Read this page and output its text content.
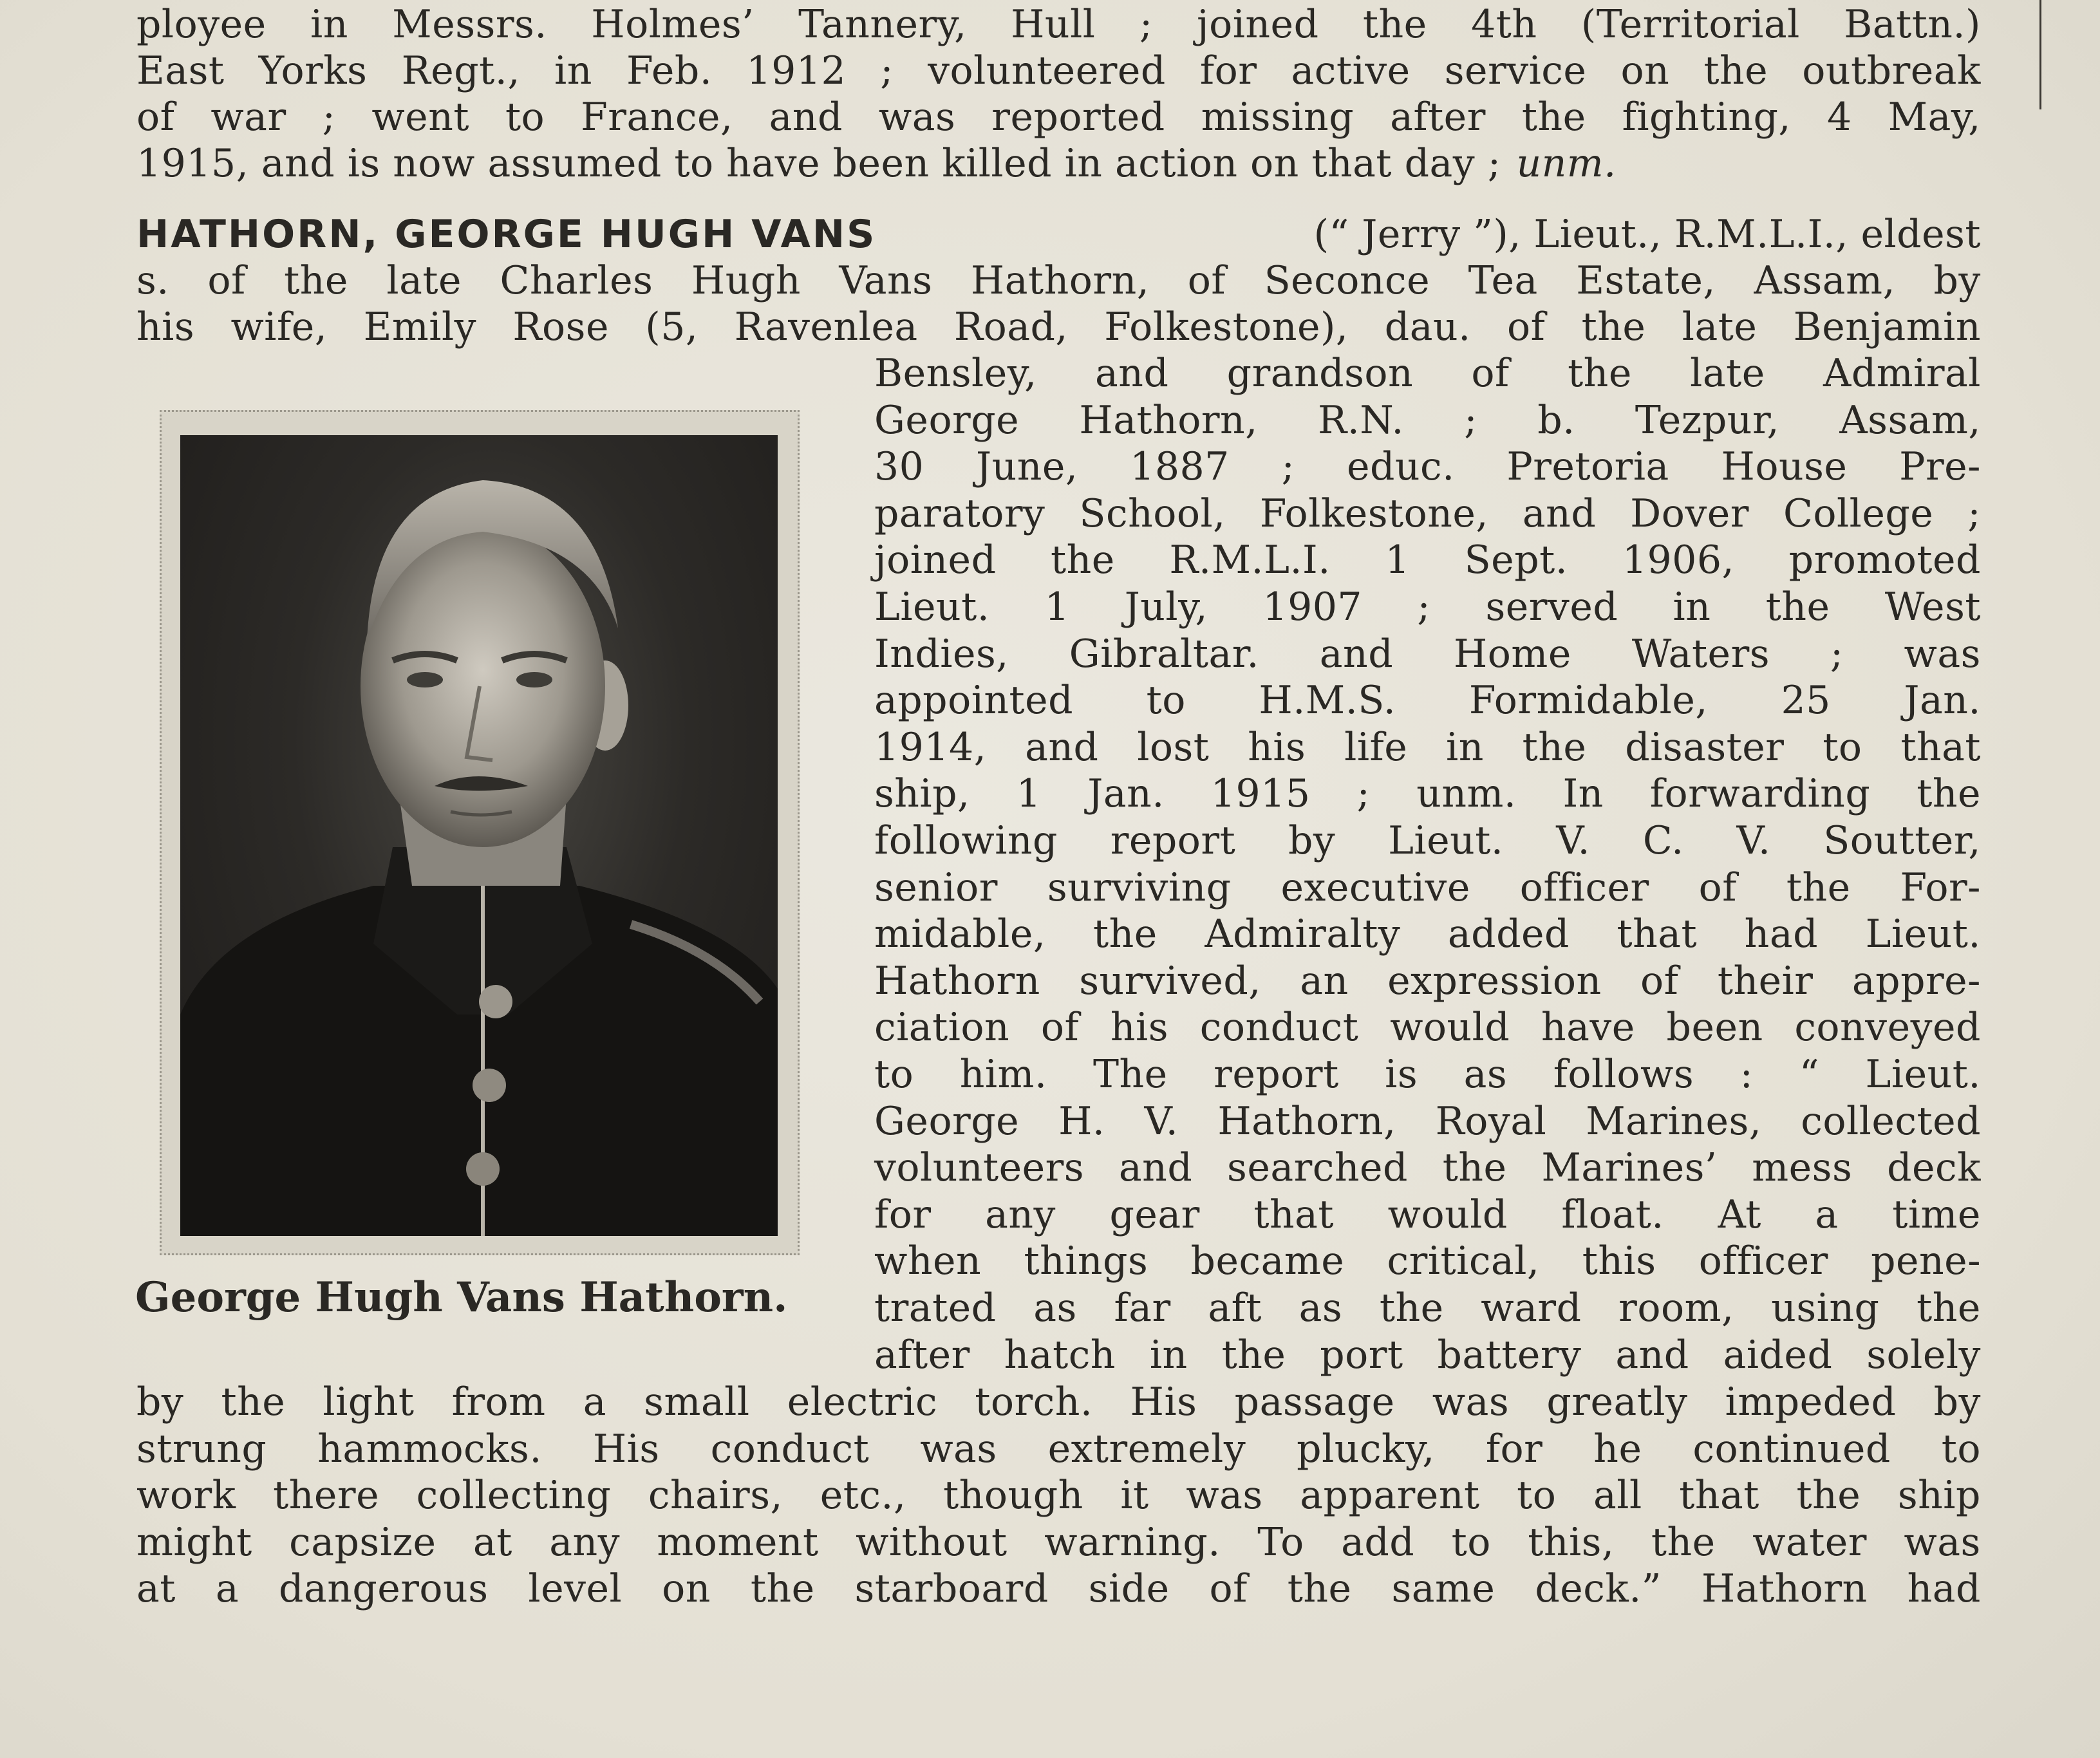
ployee in Messrs. Holmes’ Tannery, Hull ; joined the 4th (Territorial Battn.)
East Yorks Regt., in Feb. 1912 ; volunteered for active service on the outbreak
of war ; went to France, and was reported missing after the fighting, 4 May,
1915, and is now assumed to have been killed in action on that day ; unm.
HATHORN, GEORGE HUGH VANS	(“ Jerry ”), Lieut., R.M.L.I., eldest
s. of the late Charles Hugh Vans Hathorn, of Seconce Tea Estate, Assam, by
his wife, Emily Rose (5, Ravenlea Road, Folkestone), dau. of the late Benjamin
George Hugh Vans Hathorn.
Bensley, and grandson of the late Admiral
George Hathorn, R.N. ; b. Tezpur, Assam,
30 June, 1887 ; educ. Pretoria House Pre-
paratory School, Folkestone, and Dover College ;
joined the R.M.L.I. 1 Sept. 1906, promoted
Lieut. 1 July, 1907 ; served in the West
Indies, Gibraltar. and Home Waters ; was
appointed to H.M.S. Formidable, 25 Jan.
1914, and lost his life in the disaster to that
ship, 1 Jan. 1915 ; unm. In forwarding the
following report by Lieut. V. C. V. Soutter,
senior surviving executive officer of the For-
midable, the Admiralty added that had Lieut.
Hathorn survived, an expression of their appre-
ciation of his conduct would have been conveyed
to him. The report is as follows : “ Lieut.
George H. V. Hathorn, Royal Marines, collected
volunteers and searched the Marines’ mess deck
for any gear that would float. At a time
when things became critical, this officer pene-
trated as far aft as the ward room, using the
after hatch in the port battery and aided solely
by the light from a small electric torch. His passage was greatly impeded by
strung hammocks. His conduct was extremely plucky, for he continued to
work there collecting chairs, etc., though it was apparent to all that the ship
might capsize at any moment without warning. To add to this, the water was
at a dangerous level on the starboard side of the same deck.” Hathorn had
